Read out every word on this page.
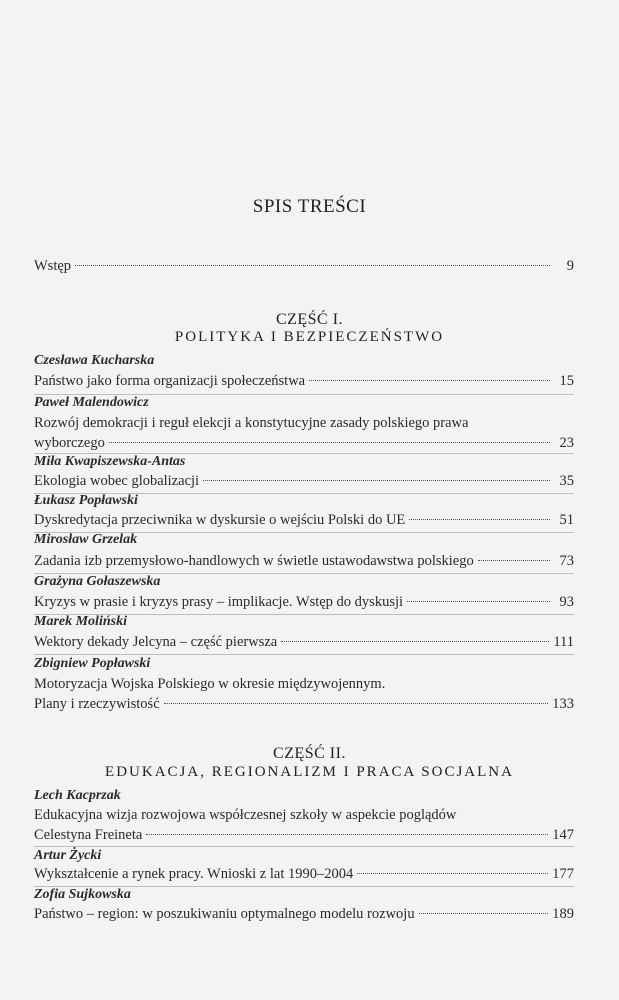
SPIS TREŚCI
Wstęp	9
CZĘŚĆ I.
POLITYKA I BEZPIECZEŃSTWO
Czesława Kucharska
Państwo jako forma organizacji społeczeństwa	15
Paweł Malendowicz
Rozwój demokracji i reguł elekcji a konstytucyjne zasady polskiego prawa
wyborczego	23
Miła Kwapiszewska-Antas
Ekologia wobec globalizacji	35
Łukasz Popławski
Dyskredytacja przeciwnika w dyskursie o wejściu Polski do UE	51
Mirosław Grzelak
Zadania izb przemysłowo-handlowych w świetle ustawodawstwa polskiego	73
Grażyna Gołaszewska
Kryzys w prasie i kryzys prasy – implikacje. Wstęp do dyskusji	93
Marek Moliński
Wektory dekady Jelcyna – część pierwsza	111
Zbigniew Popławski
Motoryzacja Wojska Polskiego w okresie międzywojennym.
Plany i rzeczywistość	133
CZĘŚĆ II.
EDUKACJA, REGIONALIZM I PRACA SOCJALNA
Lech Kacprzak
Edukacyjna wizja rozwojowa współczesnej szkoły w aspekcie poglądów
Celestyna Freineta	147
Artur Życki
Wykształcenie a rynek pracy. Wnioski z lat 1990–2004	177
Zofia Sujkowska
Państwo – region: w poszukiwaniu optymalnego modelu rozwoju	189
